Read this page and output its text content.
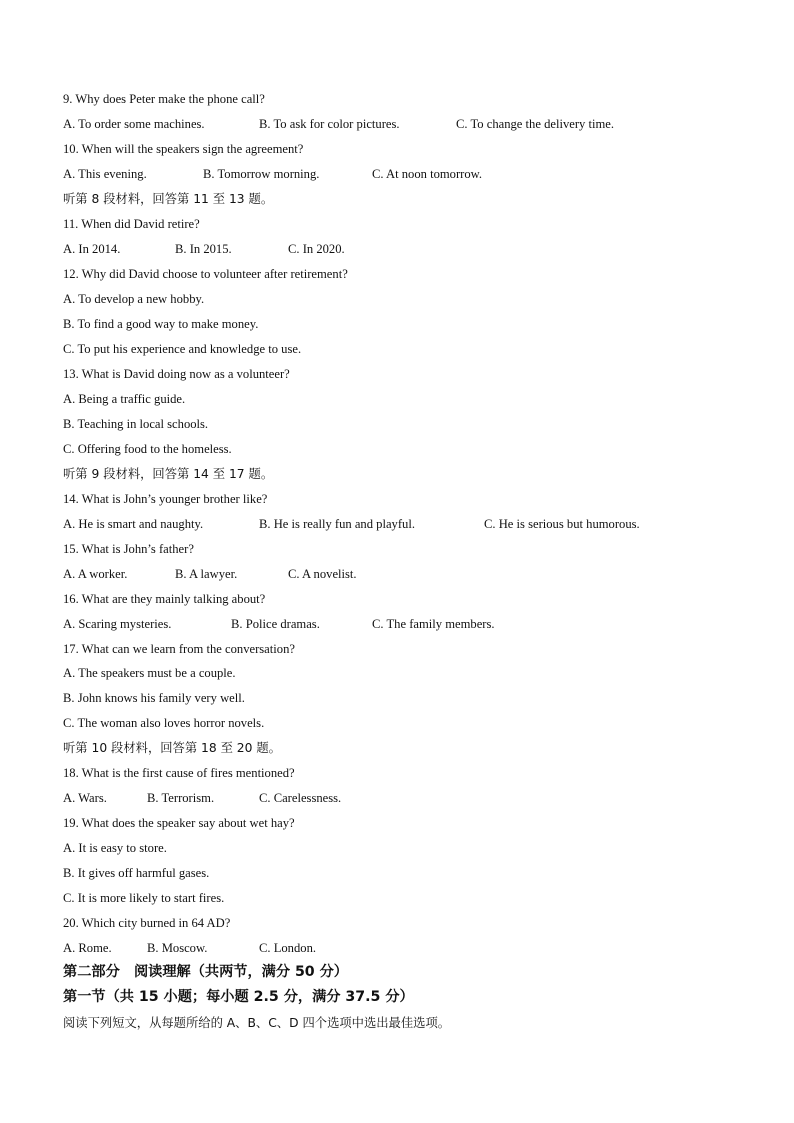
9. Why does Peter make the phone call?
A. To order some machines.	B. To ask for color pictures.	C. To change the delivery time.
10. When will the speakers sign the agreement?
A. This evening.	B. Tomorrow morning.	C. At noon tomorrow.
听第 8 段材料，回答第 11 至 13 题。
11. When did David retire?
A. In 2014.	B. In 2015.	C. In 2020.
12. Why did David choose to volunteer after retirement?
A. To develop a new hobby.
B. To find a good way to make money.
C. To put his experience and knowledge to use.
13. What is David doing now as a volunteer?
A. Being a traffic guide.
B. Teaching in local schools.
C. Offering food to the homeless.
听第 9 段材料，回答第 14 至 17 题。
14. What is John’s younger brother like?
A. He is smart and naughty.	B. He is really fun and playful.	C. He is serious but humorous.
15. What is John’s father?
A. A worker.	B. A lawyer.	C. A novelist.
16. What are they mainly talking about?
A. Scaring mysteries.	B. Police dramas.	C. The family members.
17. What can we learn from the conversation?
A. The speakers must be a couple.
B. John knows his family very well.
C. The woman also loves horror novels.
听第 10 段材料，回答第 18 至 20 题。
18. What is the first cause of fires mentioned?
A. Wars.	B. Terrorism.	C. Carelessness.
19. What does the speaker say about wet hay?
A. It is easy to store.
B. It gives off harmful gases.
C. It is more likely to start fires.
20. Which city burned in 64 AD?
A. Rome.	B. Moscow.	C. London.
第二部分　阅读理解（共两节，满分 50 分）
第一节（共 15 小题；每小题 2.5 分，满分 37.5 分）
阅读下列短文，从每题所给的 A、B、C、D 四个选项中选出最佳选项。
